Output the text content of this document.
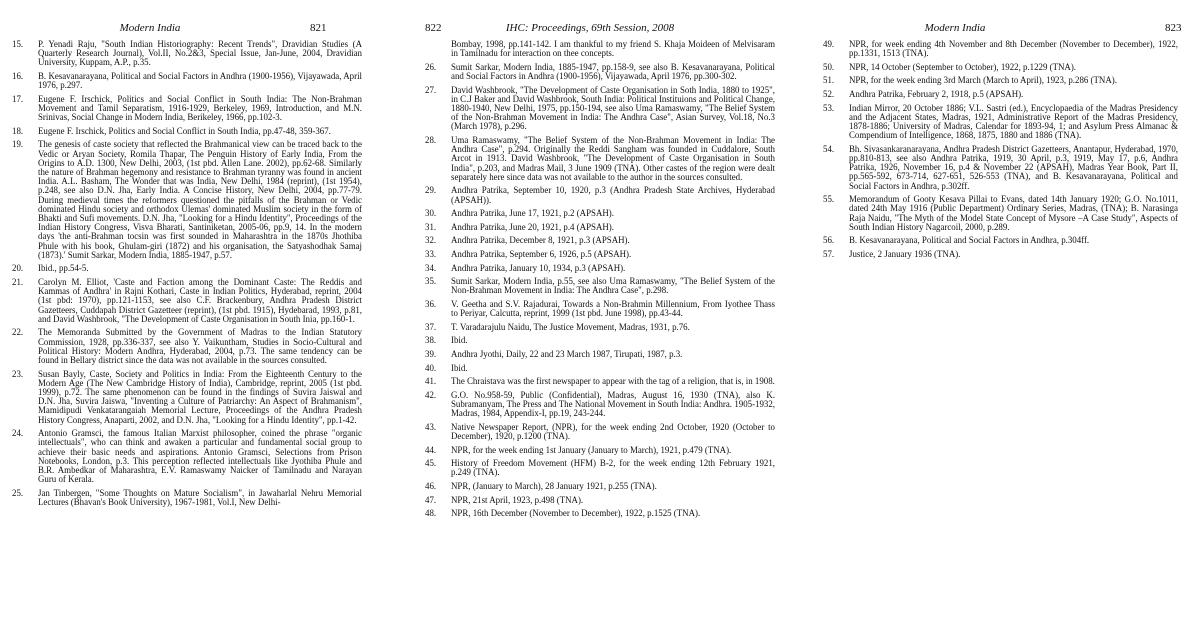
Modern India	821
15. P. Yenadi Raju, "South Indian Historiography: Recent Trends", Dravidian Studies (A Quarterly Research Journal), Vol.II, No.2&3, Special Issue, Jan-June, 2004, Dravidian University, Kuppam, A.P., p.35.
16. B. Kesavanarayana, Political and Social Factors in Andhra (1900-1956), Vijayawada, April 1976, p.297.
17. Eugene F. Irschick, Politics and Social Conflict in South India: The Non-Brahman Movement and Tamil Separatism, 1916-1929, Berkeley, 1969, Introduction, and M.N. Srinivas, Social Change in Modern India, Berikeley, 1966, pp.102-3.
18. Eugene F. Irschick, Politics and Social Conflict in South India, pp.47-48, 359-367.
19. The genesis of caste society that reflected the Brahmanical view can be traced back to the Vedic or Aryan Society, Romila Thapar, The Penguin History of Early India, From the Origins to A.D. 1300, New Delhi, 2003, (1st pbd. Allen Lane. 2002), pp.62-68. Similarly the nature of Brahman hegemony and resistance to Brahman tyranny was found in ancient India. A.L. Basham, The Wonder that was India, New Delhi, 1984 (reprint), (1st 1954), p.248, see also D.N. Jha, Early India. A Concise History, New Delhi, 2004, pp.77-79. During medieval times the reformers questioned the pitfalls of the Brahman or Vedic dominated Hindu society and orthodox Ulemas' dominated Muslim society in the form of Bhakti and Sufi movements. D.N. Jha, "Looking for a Hindu Identity", Proceedings of the Indian History Congress, Visva Bharati, Santiniketan, 2005-06, pp.9, 14. In the modern days 'the anti-Brahman tocsin was first sounded in Maharashtra in the 1870s Jhothiba Phule with his book, Ghulam-giri (1872) and his organisation, the Satyashodhak Samaj (1873).' Sumit Sarkar, Modern India, 1885-1947, p.57.
20. Ibid., pp.54-5.
21. Carolyn M. Elliot, 'Caste and Faction among the Dominant Caste: The Reddis and Kammas of Andhra' in Rajni Kothari, Caste in Indian Politics, Hyderabad, reprint, 2004 (1st pbd: 1970), pp.121-1153, see also C.F. Brackenbury, Andhra Pradesh District Gazetteers, Cuddapah District Gazetteer (reprint), (1st pbd. 1915), Hydebarad, 1993, p.81, and David Washbrook, "The Development of Caste Organisation in South Inia, pp.160-1.
22. The Memoranda Submitted by the Government of Madras to the Indian Statutory Commission, 1928, pp.336-337, see also Y. Vaikuntham, Studies in Socio-Cultural and Political History: Modern Andhra, Hyderabad, 2004, p.73. The same tendency can be found in Bellary district since the data was not available in the sources consulted.
23. Susan Bayly, Caste, Society and Politics in India: From the Eighteenth Century to the Modern Age (The New Cambridge History of India), Cambridge, reprint, 2005 (1st pbd. 1999), p.72. The same phenomenon can be found in the findings of Suvira Jaiswal and D.N. Jha, Suvira Jaiswa, "Inventing a Culture of Patriarchy: An Aspect of Brahmanism", Mamidipudi Venkatarangaiah Memorial Lecture, Proceedings of the Andhra Pradesh History Congress, Anaparti, 2002, and D.N. Jha, "Looking for a Hindu Identity", pp.1-42.
24. Antonio Gramsci, the famous Italian Marxist philosopher, coined the phrase "organic intellectuals", who can think and awaken a particular and fundamental social group to achieve their basic needs and aspirations. Antonio Gramsci, Selections from Prison Notebooks, London, p.3. This perception reflected intellectuals like Jyothiba Phule and B.R. Ambedkar of Maharashtra, E.V. Ramaswamy Naicker of Tamilnadu and Narayan Guru of Kerala.
25. Jan Tinbergen, "Some Thoughts on Mature Socialism", in Jawaharlal Nehru Memorial Lectures (Bhavan's Book University), 1967-1981, Vol.I, New Delhi-
822	IHC: Proceedings, 69th Session, 2008
Bombay, 1998, pp.141-142. I am thankful to my friend S. Khaja Moideen of Melvisaram in Tamilnadu for interaction on thee concepts.
26. Sumit Sarkar, Modern India, 1885-1947, pp.158-9, see also B. Kesavanarayana, Political and Social Factors in Andhra (1900-1956), Vijayawada, April 1976, pp.300-302.
27. David Washbrook, "The Development of Caste Organisation in Soth India, 1880 to 1925", in C.J Baker and David Washbrook, South India: Political Instituions and Political Change, 1880-1940, New Delhi, 1975, pp.150-194, see also Uma Ramaswamy, "The Belief System of the Non-Brahman Movement in India: The Andhra Case", Asian Survey, Vol.18, No.3 (March 1978), p.296.
28. Uma Ramaswamy, "The Belief System of the Non-Brahman Movement in India: The Andhra Case", p.294. Originally the Reddi Sangham was founded in Cuddalore, South Arcot in 1913. David Washbrook, "The Development of Caste Organisation in South India", p.203, and Madras Mail, 3 June 1909 (TNA). Other castes of the region were dealt separately here since data was not available to the author in the sources consulted.
29. Andhra Patrika, September 10, 1920, p.3 (Andhra Pradesh State Archives, Hyderabad (APSAH)).
30. Andhra Patrika, June 17, 1921, p.2 (APSAH).
31. Andhra Patrika, June 20, 1921, p.4 (APSAH).
32. Andhra Patrika, December 8, 1921, p.3 (APSAH).
33. Andhra Patrika, September 6, 1926, p.5 (APSAH).
34. Andhra Patrika, January 10, 1934, p.3 (APSAH).
35. Sumit Sarkar, Modern India, p.55, see also Uma Ramaswamy, "The Belief System of the Non-Brahman Movement in India: The Andhra Case", p.298.
36. V. Geetha and S.V. Rajadurai, Towards a Non-Brahmin Millennium, From Iyothee Thass to Periyar, Calcutta, reprint, 1999 (1st pbd. June 1998), pp.43-44.
37. T. Varadarajulu Naidu, The Justice Movement, Madras, 1931, p.76.
38. Ibid.
39. Andhra Jyothi, Daily, 22 and 23 March 1987, Tirupati, 1987, p.3.
40. Ibid.
41. The Chraistava was the first newspaper to appear with the tag of a religion, that is, in 1908.
42. G.O. No.958-59, Public (Confidential), Madras, August 16, 1930 (TNA), also K. Subramanyam, The Press and The National Movement in South India: Andhra. 1905-1932, Madras, 1984, Appendix-I, pp.19, 243-244.
43. Native Newspaper Report, (NPR), for the week ending 2nd October, 1920 (October to December), 1920, p.1200 (TNA).
44. NPR, for the week ending 1st January (January to March), 1921, p.479 (TNA).
45. History of Freedom Movement (HFM) B-2, for the week ending 12th February 1921, p.249 (TNA).
46. NPR, (January to March), 28 January 1921, p.255 (TNA).
47. NPR, 21st April, 1923, p.498 (TNA).
48. NPR, 16th December (November to December), 1922, p.1525 (TNA).
Modern India	823
49. NPR, for week ending 4th November and 8th December (November to December), 1922, pp.1331, 1513 (TNA).
50. NPR, 14 October (September to October), 1922, p.1229 (TNA).
51. NPR, for the week ending 3rd March (March to April), 1923, p.286 (TNA).
52. Andhra Patrika, February 2, 1918, p.5 (APSAH).
53. Indian Mirror, 20 October 1886; V.L. Sastri (ed.), Encyclopaedia of the Madras Presidency and the Adjacent States, Madras, 1921, Administrative Report of the Madras Presidency, 1878-1886; University of Madras, Calendar for 1893-94, 1; and Asylum Press Almanac & Compendium of Intelligence, 1868, 1875, 1880 and 1886 (TNA).
54. Bh. Sivasankaranarayana, Andhra Pradesh District Gazetteers, Anantapur, Hyderabad, 1970, pp.810-813, see also Andhra Patrika, 1919, 30 April, p.3, 1919, May 17, p.6, Andhra Patrika, 1926, November 16, p.4 & November 22 (APSAH), Madras Year Book, Part II, pp.565-592, 673-714, 627-651, 526-553 (TNA), and B. Kesavanarayana, Political and Social Factors in Andhra, p.302ff.
55. Memorandum of Gooty Kesava Pillai to Evans, dated 14th January 1920; G.O. No.1011, dated 24th May 1916 (Public Department) Ordinary Series, Madras, (TNA); B. Narasinga Raja Naidu, "The Myth of the Model State Concept of Mysore –A Case Study", Aspects of South Indian History Nagarcoil, 2000, p.289.
56. B. Kesavanarayana, Political and Social Factors in Andhra, p.304ff.
57. Justice, 2 January 1936 (TNA).
